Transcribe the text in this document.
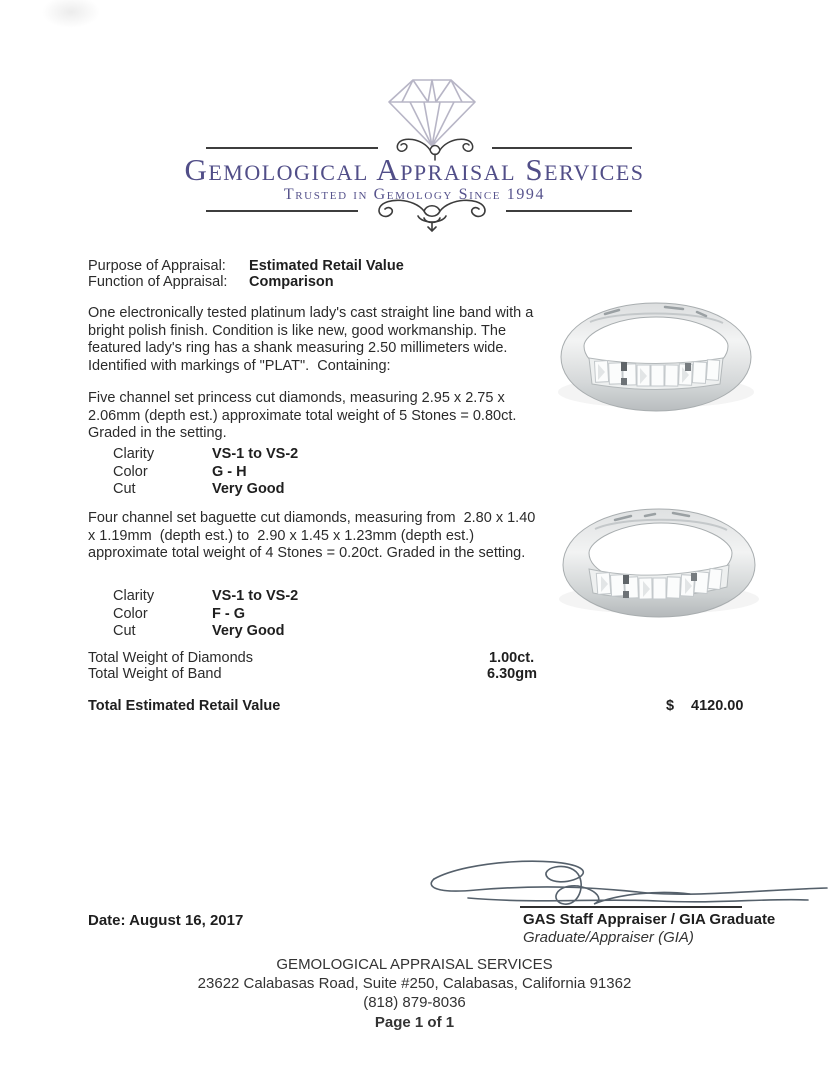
Gemological Appraisal Services
Trusted in Gemology Since 1994
Purpose of Appraisal: Estimated Retail Value
Function of Appraisal: Comparison
One electronically tested platinum lady's cast straight line band with a bright polish finish. Condition is like new, good workmanship. The featured lady's ring has a shank measuring 2.50 millimeters wide. Identified with markings of "PLAT".  Containing:
Five channel set princess cut diamonds, measuring 2.95 x 2.75 x 2.06mm (depth est.) approximate total weight of 5 Stones = 0.80ct. Graded in the setting.
Clarity	VS-1 to VS-2
Color	G - H
Cut	Very Good
Four channel set baguette cut diamonds, measuring from  2.80 x 1.40 x 1.19mm  (depth est.) to  2.90 x 1.45 x 1.23mm (depth est.) approximate total weight of 4 Stones = 0.20ct. Graded in the setting.
Clarity	VS-1 to VS-2
Color	F - G
Cut	Very Good
Total Weight of Diamonds	1.00ct.
Total Weight of Band	6.30gm
Total Estimated Retail Value	$ 4120.00
Date: August 16, 2017	GAS Staff Appraiser / GIA Graduate
Graduate/Appraiser (GIA)
GEMOLOGICAL APPRAISAL SERVICES
23622 Calabasas Road, Suite #250, Calabasas, California 91362
(818) 879-8036
Page 1 of 1
